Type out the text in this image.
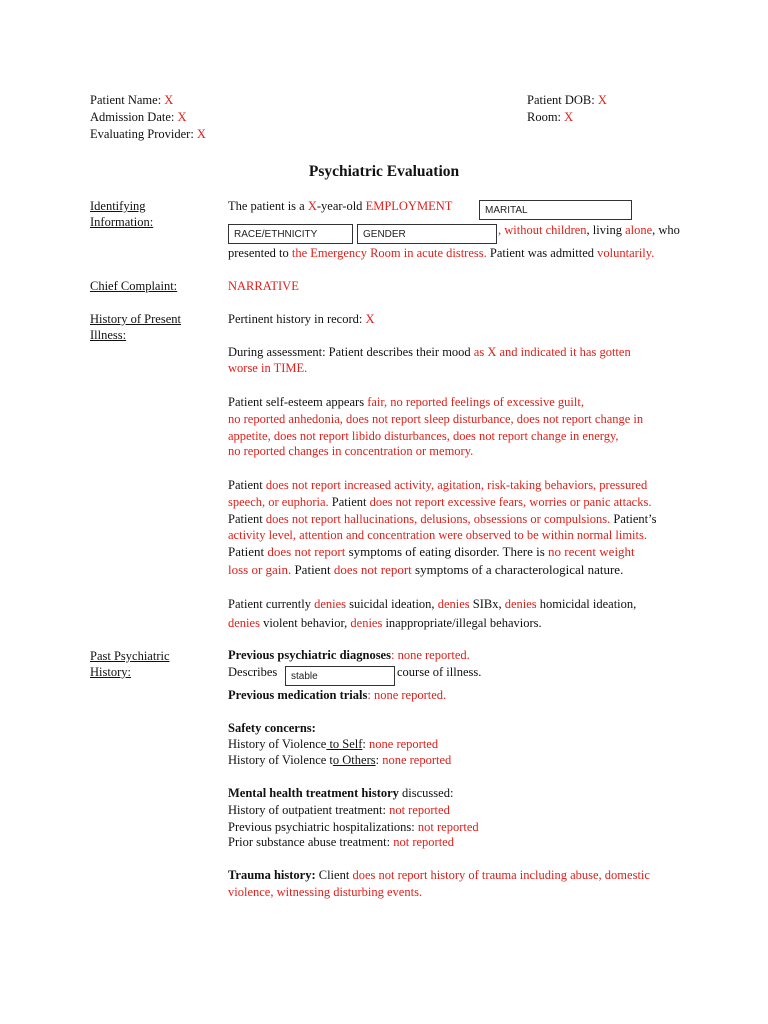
Patient Name: X
Admission Date: X
Evaluating Provider: X
Patient DOB: X
Room: X
Psychiatric Evaluation
Identifying
Information:
The patient is a X-year-old EMPLOYMENT	MARITAL
RACE/ETHNICITY	GENDER	, without children, living alone, who
presented to the Emergency Room in acute distress. Patient was admitted voluntarily.
Chief Complaint:	NARRATIVE
History of Present
Illness:
Pertinent history in record: X
During assessment: Patient describes their mood as X and indicated it has gotten
worse in TIME.
Patient self-esteem appears fair, no reported feelings of excessive guilt,
no reported anhedonia, does not report sleep disturbance, does not report change in
appetite, does not report libido disturbances, does not report change in energy,
no reported changes in concentration or memory.
Patient does not report increased activity, agitation, risk-taking behaviors, pressured
speech, or euphoria. Patient does not report excessive fears, worries or panic attacks.
Patient does not report hallucinations, delusions, obsessions or compulsions. Patient’s
activity level, attention and concentration were observed to be within normal limits.
Patient does not report symptoms of eating disorder. There is no recent weight
loss or gain. Patient does not report symptoms of a characterological nature.
Patient currently denies suicidal ideation, denies SIBx, denies homicidal ideation,
denies violent behavior, denies inappropriate/illegal behaviors.
Past Psychiatric
History:
Previous psychiatric diagnoses: none reported.
Describes	stable	course of illness.
Previous medication trials: none reported.
Safety concerns:
History of Violence to Self: none reported
History of Violence to Others: none reported
Mental health treatment history discussed:
History of outpatient treatment: not reported
Previous psychiatric hospitalizations: not reported
Prior substance abuse treatment: not reported
Trauma history: Client does not report history of trauma including abuse, domestic
violence, witnessing disturbing events.
